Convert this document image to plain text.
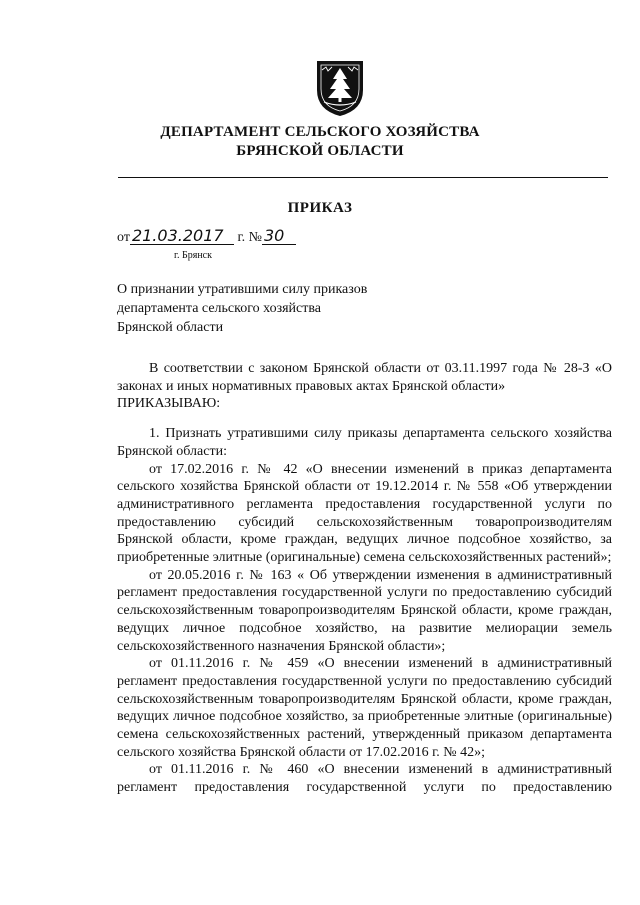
ДЕПАРТАМЕНТ СЕЛЬСКОГО ХОЗЯЙСТВА
БРЯНСКОЙ ОБЛАСТИ
ПРИКАЗ
от 21.03.2017 г. № 30
г. Брянск
О признании утратившими силу приказов
департамента сельского хозяйства
Брянской области

В соответствии с законом Брянской области от 03.11.1997 года № 28-З «О законах и иных нормативных правовых актах Брянской области»
ПРИКАЗЫВАЮ:

1. Признать утратившими силу приказы департамента сельского хозяйства Брянской области:

от 17.02.2016 г. № 42 «О внесении изменений в приказ департамента сельского хозяйства Брянской области от 19.12.2014 г. № 558 «Об утверждении административного регламента предоставления государственной услуги по предоставлению субсидий сельскохозяйственным товаропроизводителям Брянской области, кроме граждан, ведущих личное подсобное хозяйство, за приобретенные элитные (оригинальные) семена сельскохозяйственных растений»;

от 20.05.2016 г. № 163 « Об утверждении изменения в административный регламент предоставления государственной услуги по предоставлению субсидий сельскохозяйственным товаропроизводителям Брянской области, кроме граждан, ведущих личное подсобное хозяйство, на развитие мелиорации земель сельскохозяйственного назначения Брянской области»;

от 01.11.2016 г. № 459 «О внесении изменений в административный регламент предоставления государственной услуги по предоставлению субсидий сельскохозяйственным товаропроизводителям Брянской области, кроме граждан, ведущих личное подсобное хозяйство, за приобретенные элитные (оригинальные) семена сельскохозяйственных растений, утвержденный приказом департамента сельского хозяйства Брянской области от 17.02.2016 г. № 42»;

от 01.11.2016 г. № 460 «О внесении изменений в административный регламент предоставления государственной услуги по предоставлению
